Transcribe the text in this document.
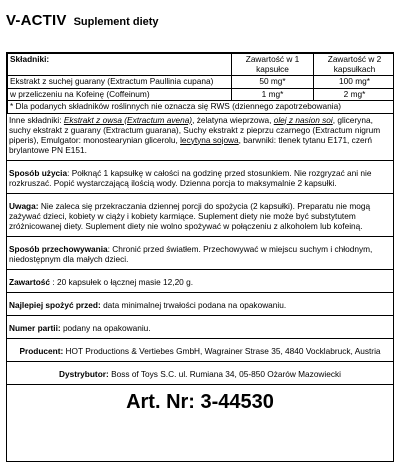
V-ACTIV Suplement diety
Składniki:	Zawartość w 1 kapsułce	Zawartość w 2 kapsułkach
Ekstrakt z suchej guarany (Extractum Paullinia cupana)	50 mg*	100 mg*
w przeliczeniu na Kofeinę (Coffeinum)	1 mg*	2 mg*
* Dla podanych składników roślinnych nie oznacza się RWS (dziennego zapotrzebowania)		
Inne składniki: Ekstrakt z owsa (Extractum avena), żelatyna wieprzowa, olej z nasion soi, gliceryna, suchy ekstrakt z guarany (Extractum guarana), Suchy ekstrakt z pieprzu czarnego (Extractum nigrum piperis), Emulgator: monostearynian glicerolu, lecytyna sojowa, barwniki: tlenek tytanu E171, czerń brylantowe PN E151.
Sposób użycia: Połknąć 1 kapsułkę w całości na godzinę przed stosunkiem. Nie rozgryzać ani nie rozkruszać. Popić wystarczającą ilością wody. Dzienna porcja to maksymalnie 2 kapsułki.
Uwaga: Nie zaleca się przekraczania dziennej porcji do spożycia (2 kapsułki). Preparatu nie mogą zażywać dzieci, kobiety w ciąży i kobiety karmiące. Suplement diety nie może być substytutem zróżnicowanej diety. Suplement diety nie wolno spożywać w połączeniu z alkoholem lub kofeiną.
Sposób przechowywania: Chronić przed światłem. Przechowywać w miejscu suchym i chłodnym, niedostępnym dla małych dzieci.
Zawartość : 20 kapsułek o łącznej masie 12,20 g.
Najlepiej spożyć przed: data minimalnej trwałości podana na opakowaniu.
Numer partii: podany na opakowaniu.
Producent: HOT Productions & Vertiebes GmbH, Wagrainer Strase 35, 4840 Vocklabruck, Austria
Dystrybutor: Boss of Toys S.C. ul. Rumiana 34, 05-850 Ożarów Mazowiecki
Art. Nr: 3-44530
